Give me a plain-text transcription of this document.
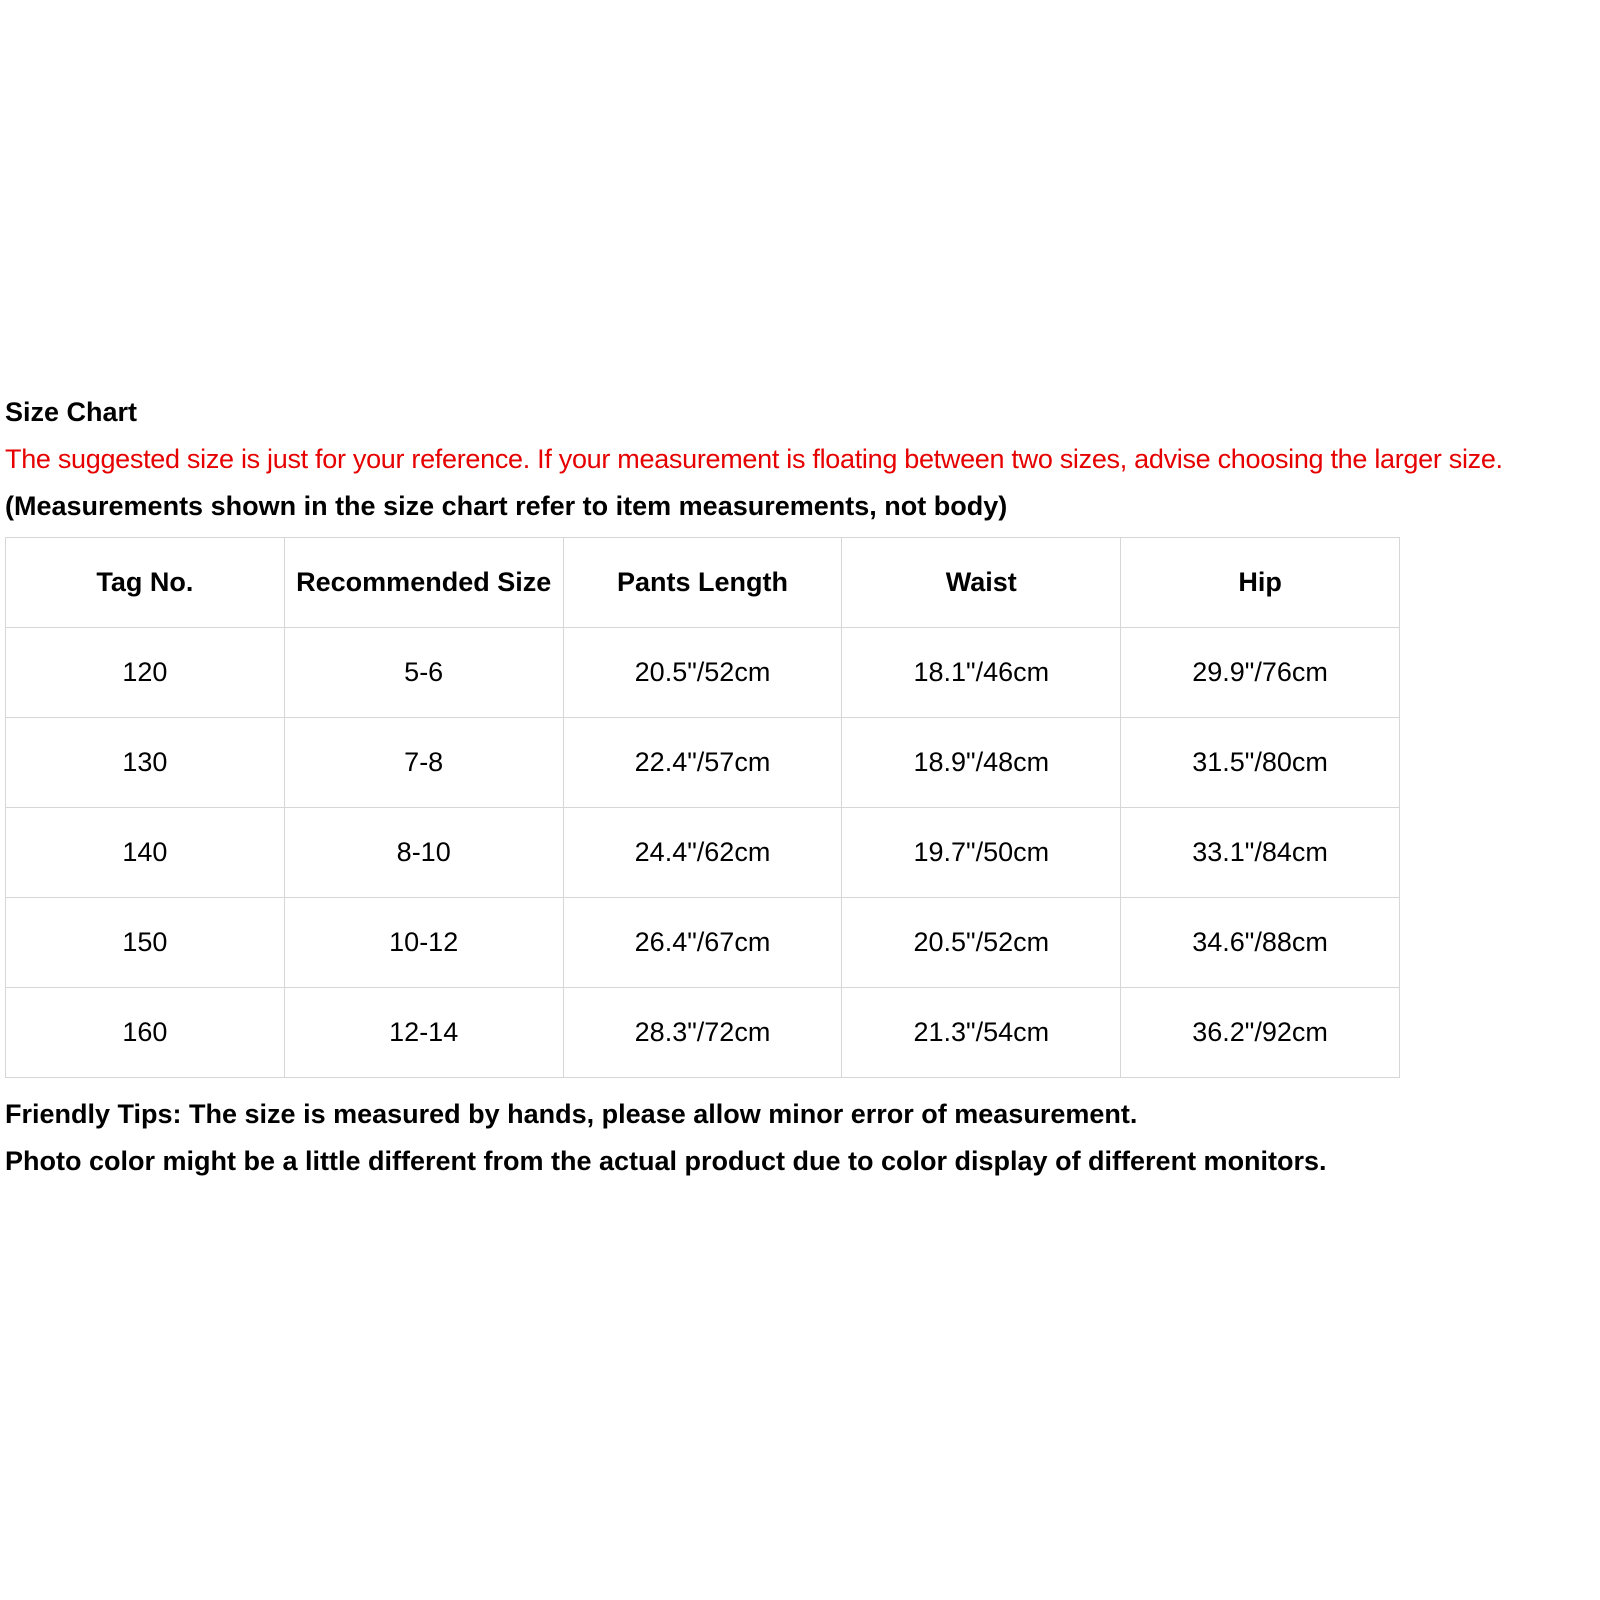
Size Chart
The suggested size is just for your reference. If your measurement is floating between two sizes, advise choosing the larger size.
(Measurements shown in the size chart refer to item measurements, not body)
Tag No.	Recommended Size	Pants Length	Waist	Hip
120	5-6	20.5"/52cm	18.1"/46cm	29.9"/76cm
130	7-8	22.4"/57cm	18.9"/48cm	31.5"/80cm
140	8-10	24.4"/62cm	19.7"/50cm	33.1"/84cm
150	10-12	26.4"/67cm	20.5"/52cm	34.6"/88cm
160	12-14	28.3"/72cm	21.3"/54cm	36.2"/92cm
Friendly Tips: The size is measured by hands, please allow minor error of measurement.
Photo color might be a little different from the actual product due to color display of different monitors.
